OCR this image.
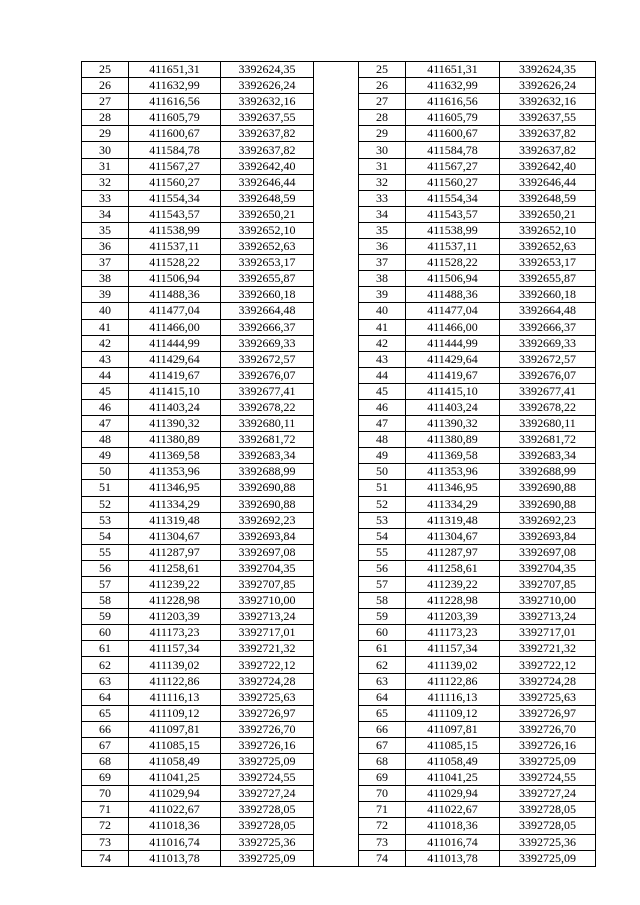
25	411651,31	3392624,35		25	411651,31	3392624,35
26	411632,99	3392626,24		26	411632,99	3392626,24
27	411616,56	3392632,16		27	411616,56	3392632,16
28	411605,79	3392637,55		28	411605,79	3392637,55
29	411600,67	3392637,82		29	411600,67	3392637,82
30	411584,78	3392637,82		30	411584,78	3392637,82
31	411567,27	3392642,40		31	411567,27	3392642,40
32	411560,27	3392646,44		32	411560,27	3392646,44
33	411554,34	3392648,59		33	411554,34	3392648,59
34	411543,57	3392650,21		34	411543,57	3392650,21
35	411538,99	3392652,10		35	411538,99	3392652,10
36	411537,11	3392652,63		36	411537,11	3392652,63
37	411528,22	3392653,17		37	411528,22	3392653,17
38	411506,94	3392655,87		38	411506,94	3392655,87
39	411488,36	3392660,18		39	411488,36	3392660,18
40	411477,04	3392664,48		40	411477,04	3392664,48
41	411466,00	3392666,37		41	411466,00	3392666,37
42	411444,99	3392669,33		42	411444,99	3392669,33
43	411429,64	3392672,57		43	411429,64	3392672,57
44	411419,67	3392676,07		44	411419,67	3392676,07
45	411415,10	3392677,41		45	411415,10	3392677,41
46	411403,24	3392678,22		46	411403,24	3392678,22
47	411390,32	3392680,11		47	411390,32	3392680,11
48	411380,89	3392681,72		48	411380,89	3392681,72
49	411369,58	3392683,34		49	411369,58	3392683,34
50	411353,96	3392688,99		50	411353,96	3392688,99
51	411346,95	3392690,88		51	411346,95	3392690,88
52	411334,29	3392690,88		52	411334,29	3392690,88
53	411319,48	3392692,23		53	411319,48	3392692,23
54	411304,67	3392693,84		54	411304,67	3392693,84
55	411287,97	3392697,08		55	411287,97	3392697,08
56	411258,61	3392704,35		56	411258,61	3392704,35
57	411239,22	3392707,85		57	411239,22	3392707,85
58	411228,98	3392710,00		58	411228,98	3392710,00
59	411203,39	3392713,24		59	411203,39	3392713,24
60	411173,23	3392717,01		60	411173,23	3392717,01
61	411157,34	3392721,32		61	411157,34	3392721,32
62	411139,02	3392722,12		62	411139,02	3392722,12
63	411122,86	3392724,28		63	411122,86	3392724,28
64	411116,13	3392725,63		64	411116,13	3392725,63
65	411109,12	3392726,97		65	411109,12	3392726,97
66	411097,81	3392726,70		66	411097,81	3392726,70
67	411085,15	3392726,16		67	411085,15	3392726,16
68	411058,49	3392725,09		68	411058,49	3392725,09
69	411041,25	3392724,55		69	411041,25	3392724,55
70	411029,94	3392727,24		70	411029,94	3392727,24
71	411022,67	3392728,05		71	411022,67	3392728,05
72	411018,36	3392728,05		72	411018,36	3392728,05
73	411016,74	3392725,36		73	411016,74	3392725,36
74	411013,78	3392725,09		74	411013,78	3392725,09
